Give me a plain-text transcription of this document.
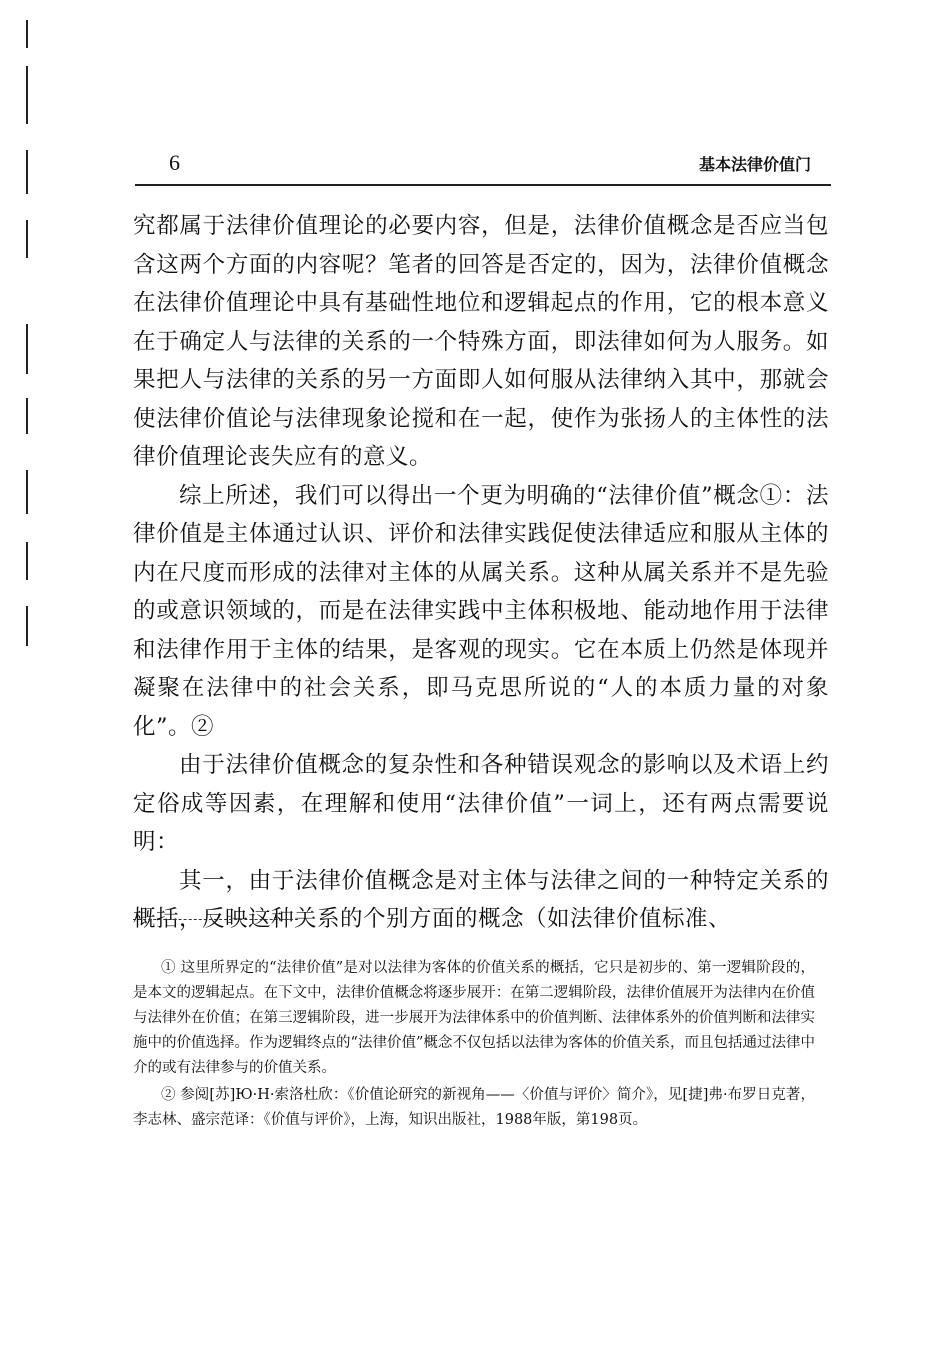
6	基本法律价值门

究都属于法律价值理论的必要内容，但是，法律价值概念是否应当包含这两个方面的内容呢？笔者的回答是否定的，因为，法律价值概念在法律价值理论中具有基础性地位和逻辑起点的作用，它的根本意义在于确定人与法律的关系的一个特殊方面，即法律如何为人服务。如果把人与法律的关系的另一方面即人如何服从法律纳入其中，那就会使法律价值论与法律现象论搅和在一起，使作为张扬人的主体性的法律价值理论丧失应有的意义。

综上所述，我们可以得出一个更为明确的“法律价值”概念①：法律价值是主体通过认识、评价和法律实践促使法律适应和服从主体的内在尺度而形成的法律对主体的从属关系。这种从属关系并不是先验的或意识领域的，而是在法律实践中主体积极地、能动地作用于法律和法律作用于主体的结果，是客观的现实。它在本质上仍然是体现并凝聚在法律中的社会关系，即马克思所说的“人的本质力量的对象化”。②

由于法律价值概念的复杂性和各种错误观念的影响以及术语上约定俗成等因素，在理解和使用“法律价值”一词上，还有两点需要说明：

其一，由于法律价值概念是对主体与法律之间的一种特定关系的概括，反映这种关系的个别方面的概念（如法律价值标准、

① 这里所界定的“法律价值”是对以法律为客体的价值关系的概括，它只是初步的、第一逻辑阶段的，是本文的逻辑起点。在下文中，法律价值概念将逐步展开：在第二逻辑阶段，法律价值展开为法律内在价值与法律外在价值；在第三逻辑阶段，进一步展开为法律体系中的价值判断、法律体系外的价值判断和法律实施中的价值选择。作为逻辑终点的“法律价值”概念不仅包括以法律为客体的价值关系，而且包括通过法律中介的或有法律参与的价值关系。

② 参阅[苏]Ю·H·索洛杜欣：《价值论研究的新视角——〈价值与评价〉简介》，见[捷]弗·布罗日克著，李志林、盛宗范译：《价值与评价》，上海，知识出版社，1988年版，第198页。
